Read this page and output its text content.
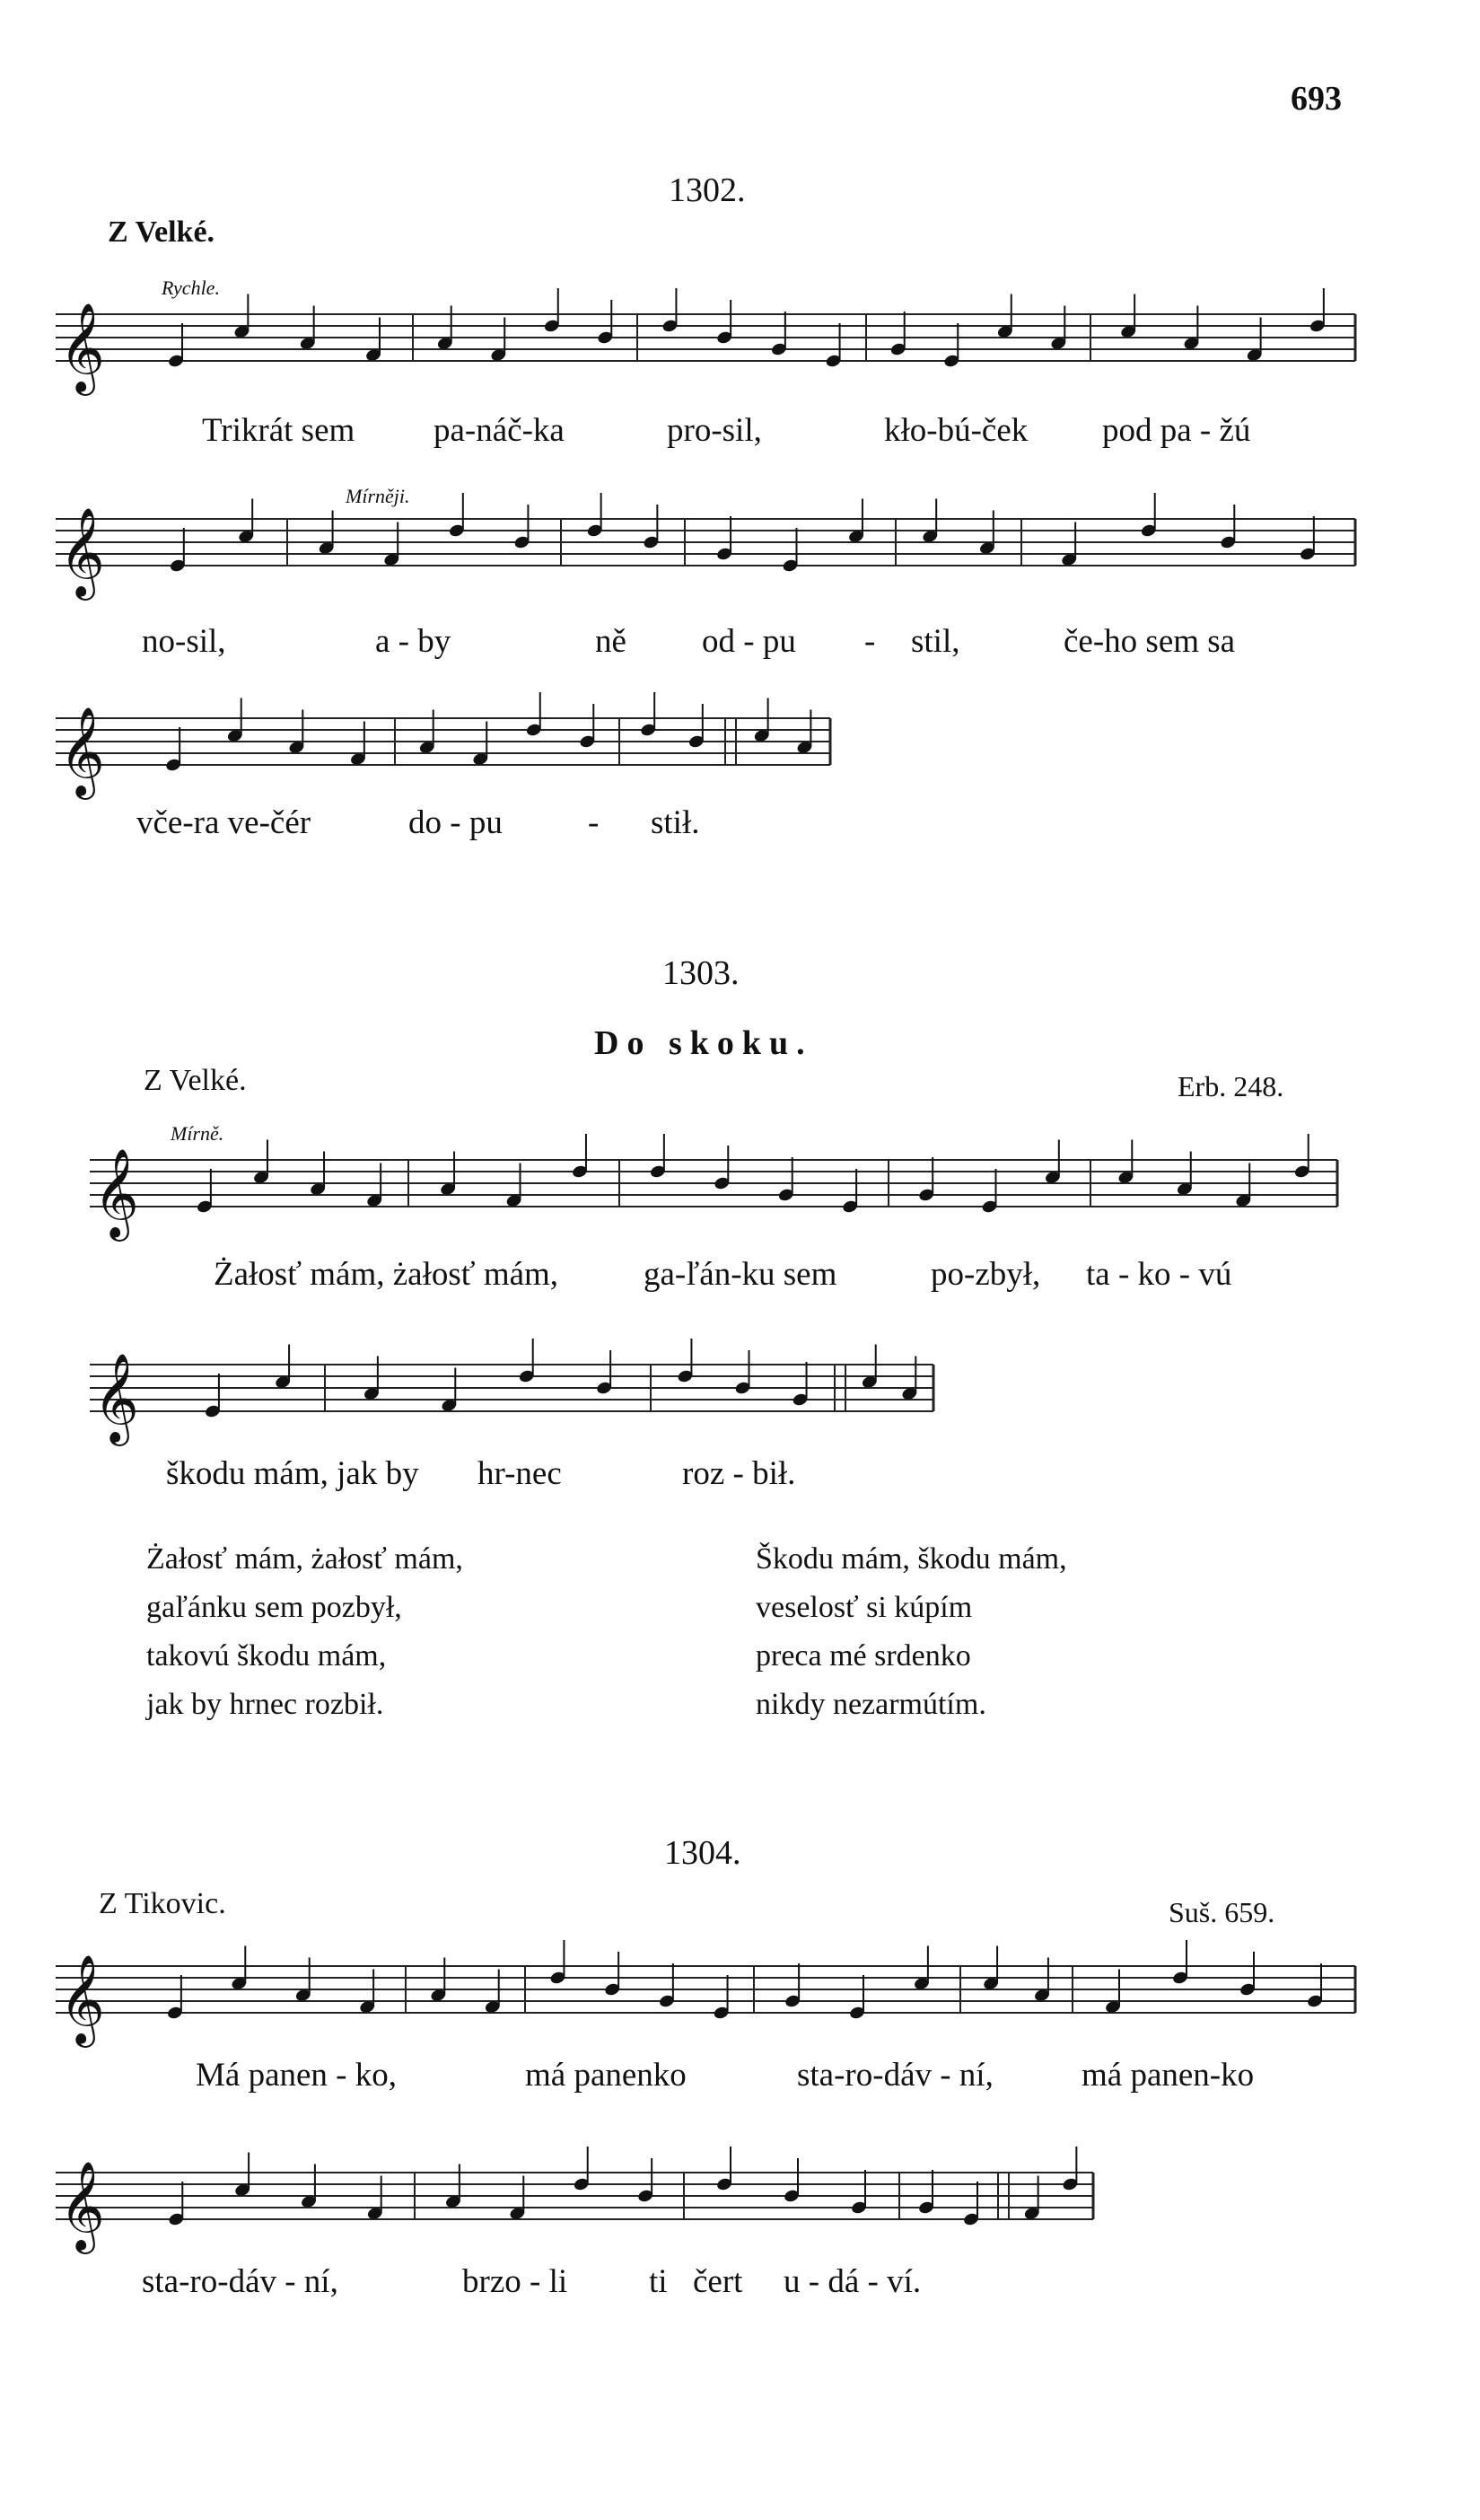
693
1302.
Z Velké.
Rychle.
𝄞
Trikrát sem pa-náč-ka	pro-sil,	kło-bú-ček pod pa - žú
Mírněji.
𝄞
no-sil,	a - by	ně od - pu - stil,	če-ho sem sa
𝄞
vče-ra ve-čér	do - pu	- stił.
1303.
Do skoku.
Z Velké.	Erb. 248.
Mírně.
𝄞
Żałosť mám, żałosť mám,	ga-ľán-ku sem	po-zbył, ta - ko - vú
𝄞
škodu mám, jak by hr-nec	roz - bił.
Żałosť mám, żałosť mám,
gaľánku sem pozbył,
takovú škodu mám,
jak by hrnec rozbił.
Škodu mám, škodu mám,
veselosť si kúpím
preca mé srdenko
nikdy nezarmútím.
1304.
Z Tikovic.	Suš. 659.
𝄞
Má panen - ko,	má panenko	sta-ro-dáv - ní,	má panen-ko
𝄞
sta-ro-dáv - ní,	brzo - li ti čert u - dá - ví.
